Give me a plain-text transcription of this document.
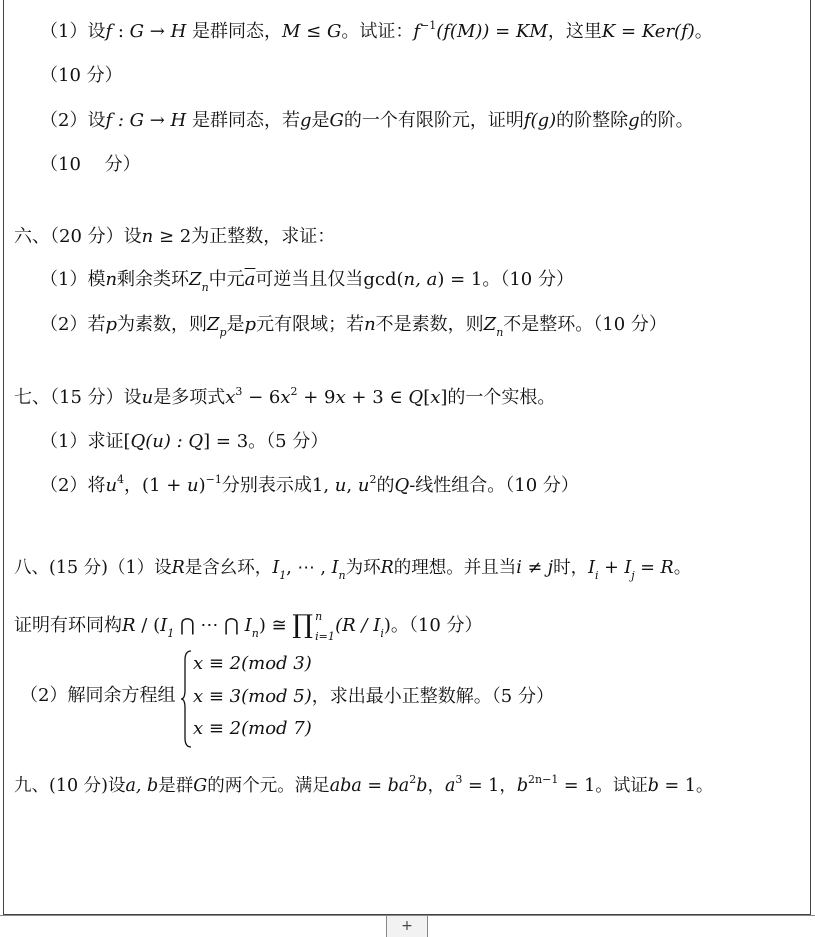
（1）设f : G → H 是群同态，M ≤ G。试证：$f^{-1}(f(M))$ = KM，这里K = Ker(f)。
（10 分）
（2）设f : G → H 是群同态，若g是G的一个有限阶元，证明f(g)的阶整除g的阶。
（10　 分）
六、（20 分）设n ≥ 2为正整数，求证：
（1）模n剩余类环$Z_n$中元$\overline{a}$可逆当且仅当gcd(n, a) = 1。（10 分）
（2）若p为素数，则$Z_p$是p元有限域；若n不是素数，则$Z_n$不是整环。（10 分）
七、（15 分）设u是多项式$x^3 - 6x^2 + 9x + 3$ ∈ Q[x]的一个实根。
（1）求证[Q(u) : Q] = 3。（5 分）
（2）将$u^4$，$(1 + u)^{-1}$分别表示成1, u, $u^2$的Q-线性组合。（10 分）
八、(15 分)（1）设R是含幺环，$I_1$, ⋯ , $I_n$为环R的理想。并且当i ≠ j时，$I_i + I_j = R$。
证明有环同构R / ($I_1$ ⋂ ⋯ ⋂ $I_n$) ≅ ∏ n
i=1
$(R / I_i)$。（10 分）
（2）解同余方程组
x ≡ 2(mod 3)
x ≡ 3(mod 5)，求出最小正整数解。（5 分）
x ≡ 2(mod 7)
九、(10 分)设a, b是群G的两个元。满足aba = $ba^2b$，$a^3 = 1$，$b^{2n-1} = 1$。试证b = 1。
+
